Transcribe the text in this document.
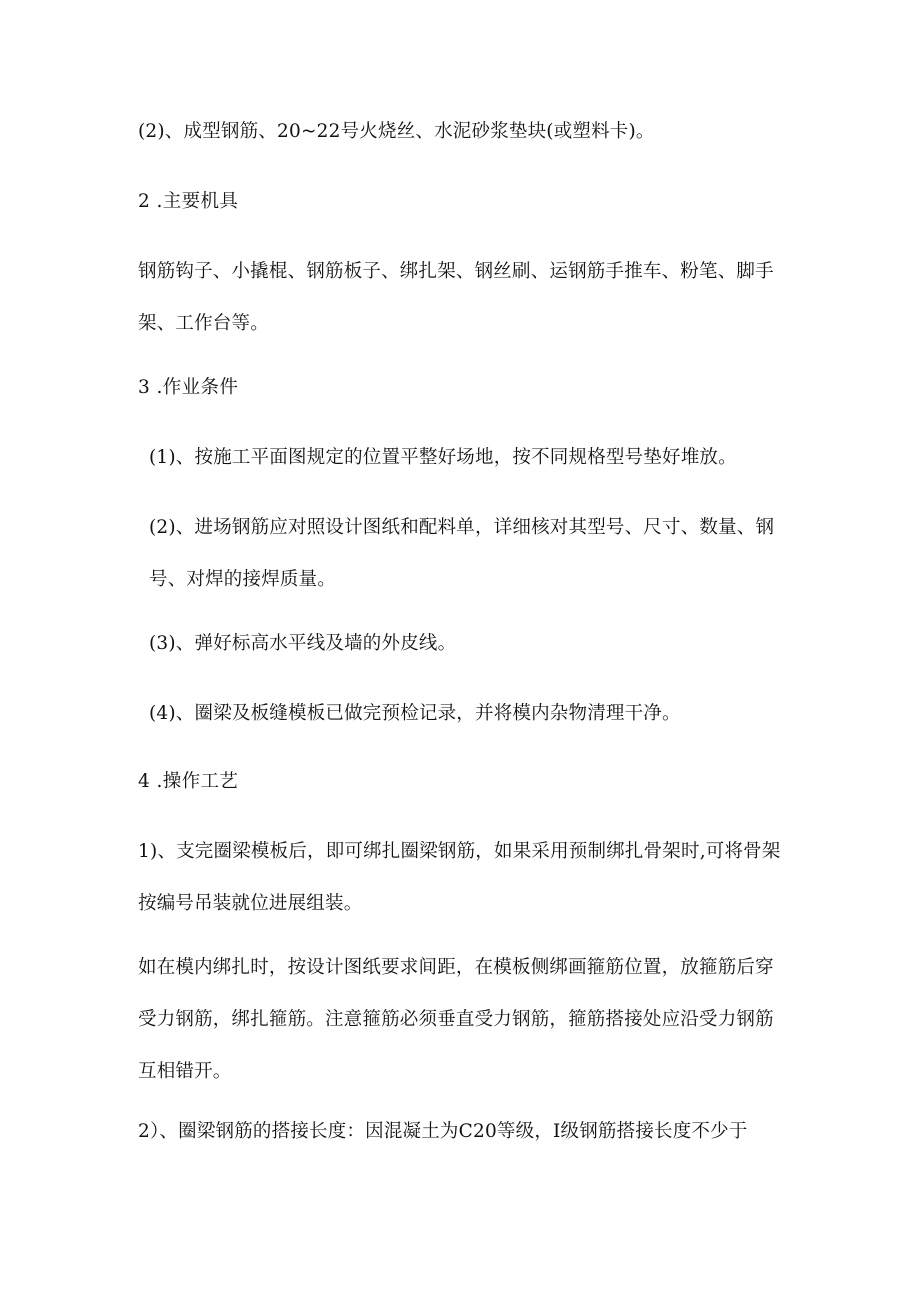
(2)、成型钢筋、20~22号火烧丝、水泥砂浆垫块(或塑料卡)。

2 .主要机具

钢筋钩子、小撬棍、钢筋板子、绑扎架、钢丝刷、运钢筋手推车、粉笔、脚手架、工作台等。

3 .作业条件

(1)、按施工平面图规定的位置平整好场地，按不同规格型号垫好堆放。

(2)、进场钢筋应对照设计图纸和配料单，详细核对其型号、尺寸、数量、钢号、对焊的接焊质量。

(3)、弹好标高水平线及墙的外皮线。

(4)、圈梁及板缝模板已做完预检记录，并将模内杂物清理干净。

4 .操作工艺

1)、支完圈梁模板后，即可绑扎圈梁钢筋，如果采用预制绑扎骨架时,可将骨架按编号吊装就位进展组装。

如在模内绑扎时，按设计图纸要求间距，在模板侧绑画箍筋位置，放箍筋后穿受力钢筋，绑扎箍筋。注意箍筋必须垂直受力钢筋，箍筋搭接处应沿受力钢筋互相错开。

2）、圈梁钢筋的搭接长度：因混凝土为C20等级，Ⅰ级钢筋搭接长度不少于
